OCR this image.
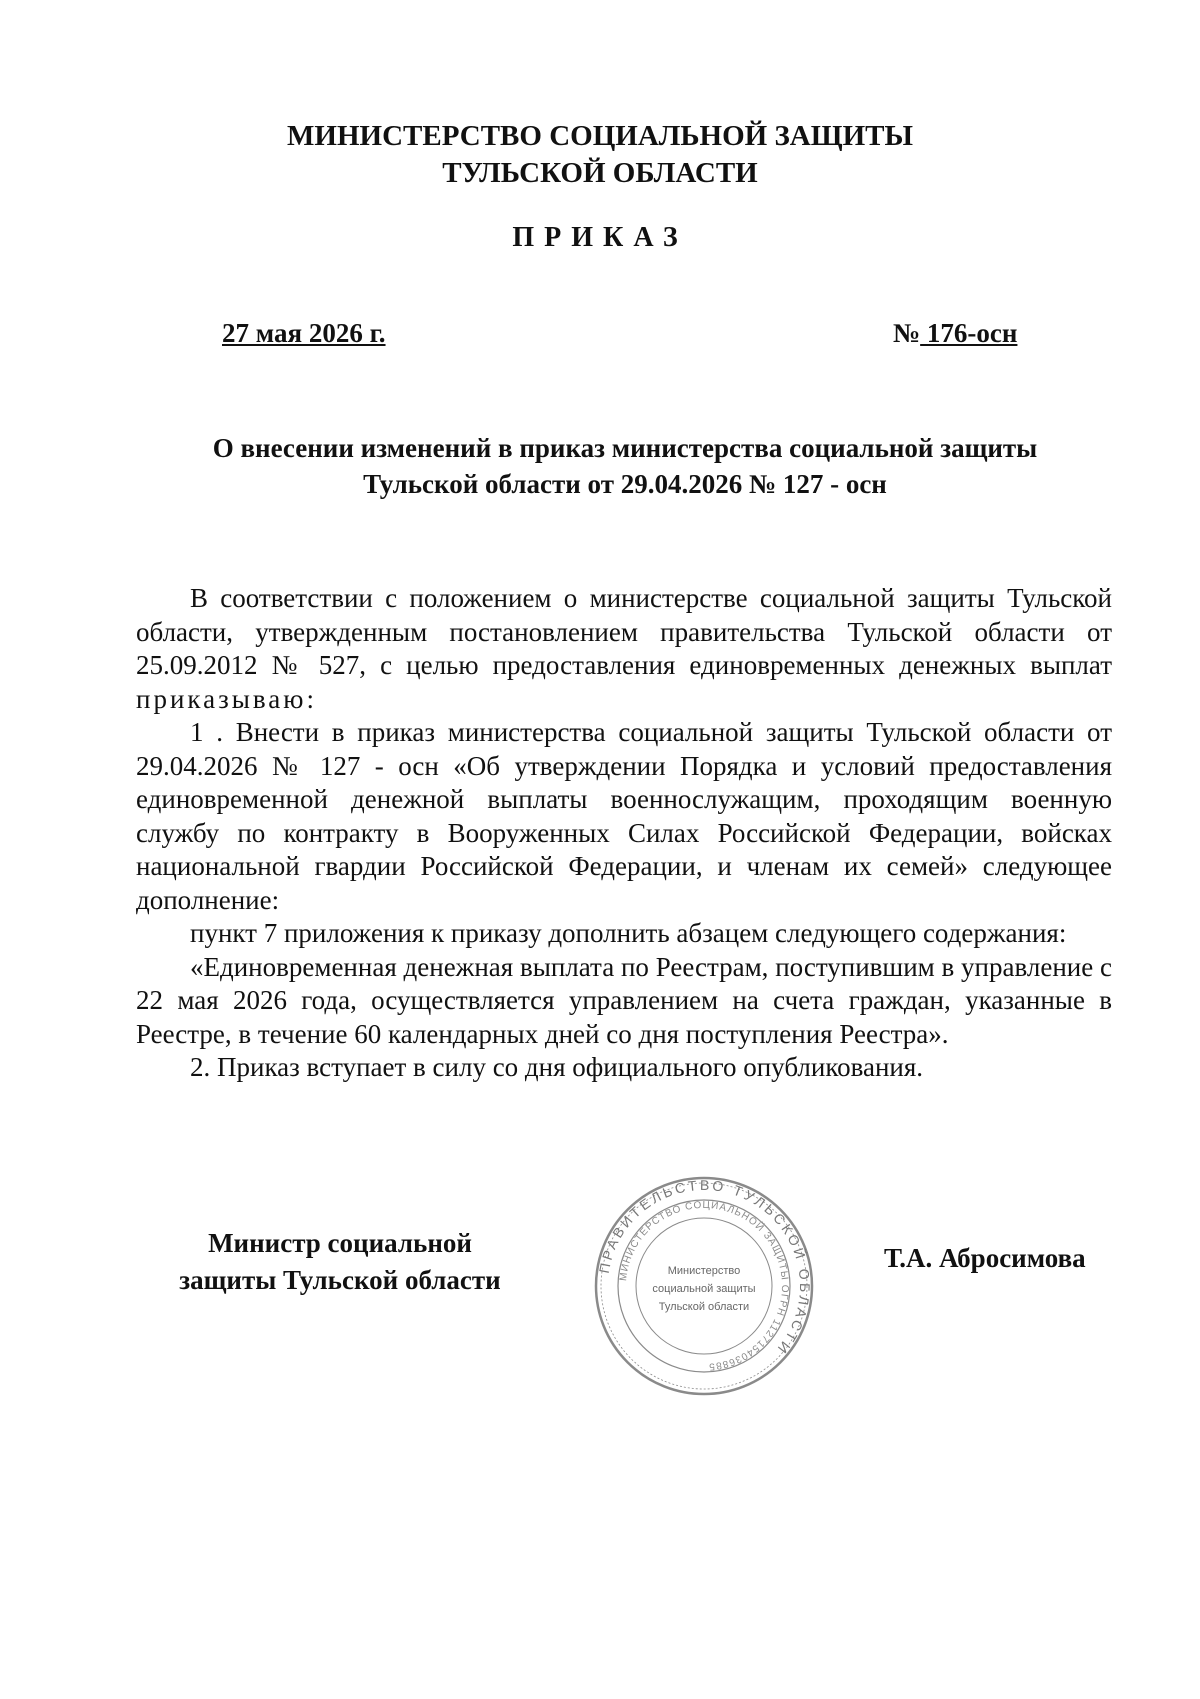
МИНИСТЕРСТВО СОЦИАЛЬНОЙ ЗАЩИТЫ
ТУЛЬСКОЙ ОБЛАСТИ
ПРИКАЗ
27 мая 2026 г.	№ 176-осн
О внесении изменений в приказ министерства социальной защиты
Тульской области от 29.04.2026 № 127 - осн

В соответствии с положением о министерстве социальной защиты Тульской области, утвержденным постановлением правительства Тульской области от 25.09.2012 № 527, с целью предоставления единовременных денежных выплат приказываю:

1 . Внести в приказ министерства социальной защиты Тульской области от 29.04.2026 № 127 - осн «Об утверждении Порядка и условий предоставления единовременной денежной выплаты военнослужащим, проходящим военную службу по контракту в Вооруженных Силах Российской Федерации, войсках национальной гвардии Российской Федерации, и членам их семей» следующее дополнение:

пункт 7 приложения к приказу дополнить абзацем следующего содержания:

«Единовременная денежная выплата по Реестрам, поступившим в управление с 22 мая 2026 года, осуществляется управлением на счета граждан, указанные в Реестре, в течение 60 календарных дней со дня поступления Реестра».

2. Приказ вступает в силу со дня официального опубликования.

Министр социальной
защиты Тульской области	ПРАВИТЕЛЬСТВО ТУЛЬСКОЙ ОБЛАСТИ
МИНИСТЕРСТВО СОЦИАЛЬНОЙ ЗАЩИТЫ ОГРН 1127154036885
Министерство
социальной защиты
Тульской области
Т.А. Абросимова
